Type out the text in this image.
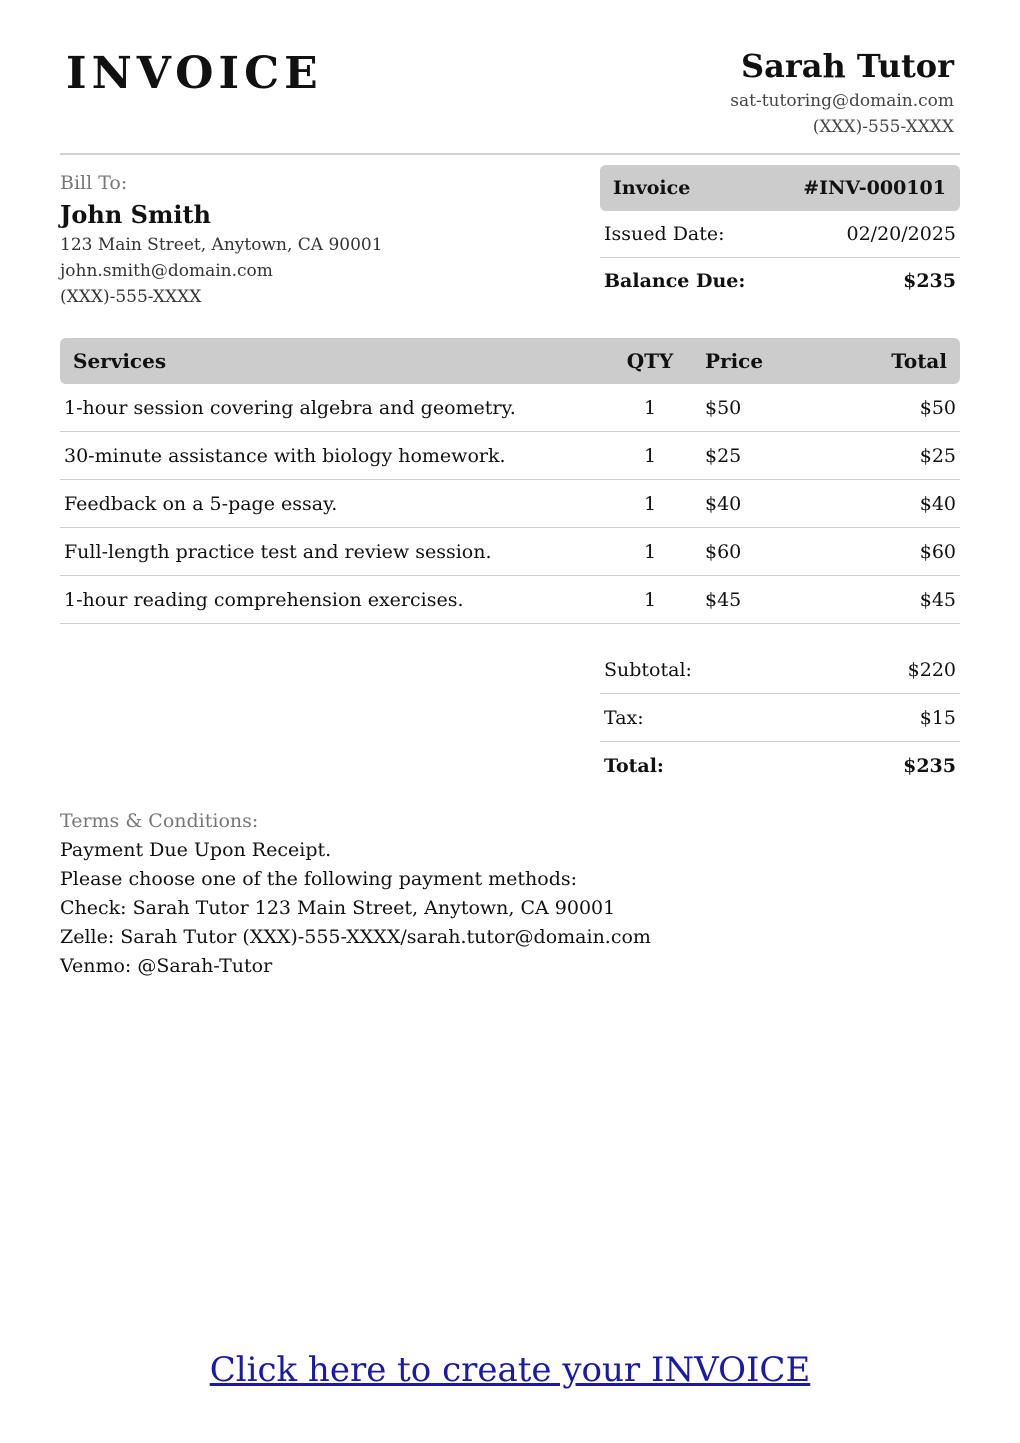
INVOICE	Sarah Tutor
sat-tutoring@domain.com
(XXX)-555-XXXX
Bill To:
John Smith
123 Main Street, Anytown, CA 90001
john.smith@domain.com
(XXX)-555-XXXX
Invoice	#INV-000101
Issued Date:	02/20/2025
Balance Due:	$235
Services	QTY	Price	Total
1-hour session covering algebra and geometry.	1	$50	$50
30-minute assistance with biology homework.	1	$25	$25
Feedback on a 5-page essay.	1	$40	$40
Full-length practice test and review session.	1	$60	$60
1-hour reading comprehension exercises.	1	$45	$45
Subtotal:	$220
Tax:	$15
Total:	$235
Terms & Conditions:
Payment Due Upon Receipt.
Please choose one of the following payment methods:
Check: Sarah Tutor 123 Main Street, Anytown, CA 90001
Zelle: Sarah Tutor (XXX)-555-XXXX/sarah.tutor@domain.com
Venmo: @Sarah-Tutor
Click here to create your INVOICE
